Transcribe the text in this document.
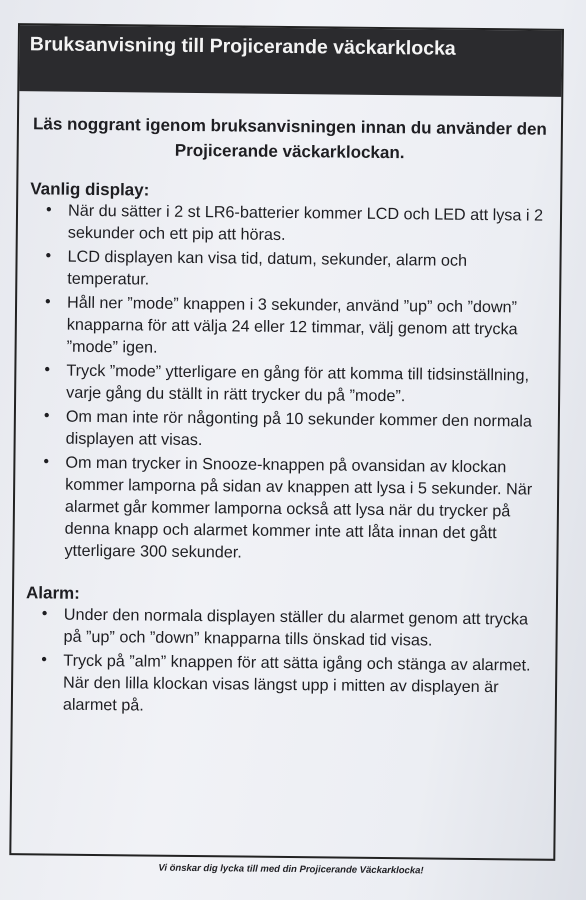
Bruksanvisning till Projicerande väckarklocka
Läs noggrant igenom bruksanvisningen innan du använder den Projicerande väckarklockan.
Vanlig display:
• När du sätter i 2 st LR6-batterier kommer LCD och LED att lysa i 2 sekunder och ett pip att höras.
• LCD displayen kan visa tid, datum, sekunder, alarm och temperatur.
• Håll ner ”mode” knappen i 3 sekunder, använd ”up” och ”down” knapparna för att välja 24 eller 12 timmar, välj genom att trycka ”mode” igen.
• Tryck ”mode” ytterligare en gång för att komma till tidsinställning, varje gång du ställt in rätt trycker du på ”mode”.
• Om man inte rör någonting på 10 sekunder kommer den normala displayen att visas.
• Om man trycker in Snooze-knappen på ovansidan av klockan kommer lamporna på sidan av knappen att lysa i 5 sekunder. När alarmet går kommer lamporna också att lysa när du trycker på denna knapp och alarmet kommer inte att låta innan det gått ytterligare 300 sekunder.
Alarm:
• Under den normala displayen ställer du alarmet genom att trycka på ”up” och ”down” knapparna tills önskad tid visas.
• Tryck på ”alm” knappen för att sätta igång och stänga av alarmet. När den lilla klockan visas längst upp i mitten av displayen är alarmet på.
Vi önskar dig lycka till med din Projicerande Väckarklocka!
